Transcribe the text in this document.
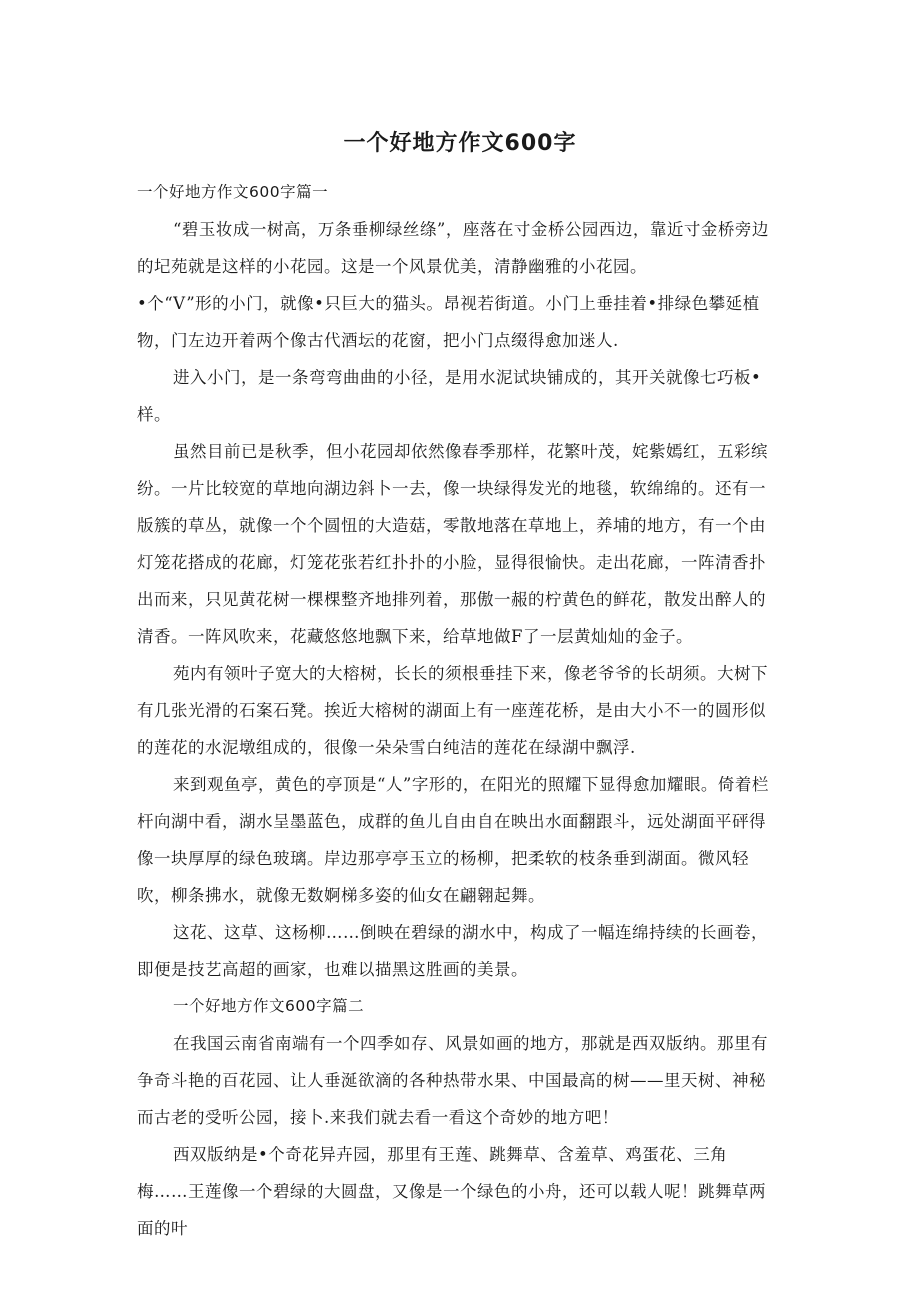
一个好地方作文600字

一个好地方作文600字篇一

“碧玉妆成一树高，万条垂柳绿丝绦”，座落在寸金桥公园西边，靠近寸金桥旁边的圮苑就是这样的小花园。这是一个风景优美，清静幽雅的小花园。

•个“V”形的小门，就像•只巨大的猫头。昂视若街道。小门上垂挂着•排绿色攀延植物，门左边开着两个像古代酒坛的花窗，把小门点缀得愈加迷人.

进入小门，是一条弯弯曲曲的小径，是用水泥试块铺成的，其开关就像七巧板•样。

虽然目前已是秋季，但小花园却依然像春季那样，花繁叶茂，姹紫嫣红，五彩缤纷。一片比较宽的草地向湖边斜卜一去，像一块绿得发光的地毯，软绵绵的。还有一版簇的草丛，就像一个个圆忸的大造菇，零散地落在草地上，养埔的地方，有一个由灯笼花搭成的花廊，灯笼花张若红扑扑的小脸，显得很愉快。走出花廊，一阵清香扑出而来，只见黄花树一棵棵整齐地排列着，那傲一赧的柠黄色的鲜花，散发出醉人的清香。一阵风吹来，花藏悠悠地飘下来，给草地做F了一层黄灿灿的金子。

苑内有领叶子宽大的大榕树，长长的须根垂挂下来，像老爷爷的长胡须。大树下有几张光滑的石案石凳。挨近大榕树的湖面上有一座莲花桥，是由大小不一的圆形似的莲花的水泥墩组成的，很像一朵朵雪白纯洁的莲花在绿湖中飘浮.

来到观鱼亭，黄色的亭顶是“人”字形的，在阳光的照耀下显得愈加耀眼。倚着栏杆向湖中看，湖水呈墨蓝色，成群的鱼儿自由自在映出水面翻跟斗，远处湖面平砰得像一块厚厚的绿色玻璃。岸边那亭亭玉立的杨柳，把柔软的枝条垂到湖面。微风轻吹，柳条拂水，就像无数婀梯多姿的仙女在翩翱起舞。

这花、这草、这杨柳……倒映在碧绿的湖水中，构成了一幅连绵持续的长画卷，即便是技艺高超的画家，也难以描黑这胜画的美景。

一个好地方作文600字篇二

在我国云南省南端有一个四季如存、风景如画的地方，那就是西双版纳。那里有争奇斗艳的百花园、让人垂涎欲滴的各种热带水果、中国最高的树——里天树、神秘而古老的受听公园，接卜.来我们就去看一看这个奇妙的地方吧！

西双版纳是•个奇花异卉园，那里有王莲、跳舞草、含羞草、鸡蛋花、三角梅……王莲像一个碧绿的大圆盘，又像是一个绿色的小舟，还可以载人呢！跳舞草两面的叶
